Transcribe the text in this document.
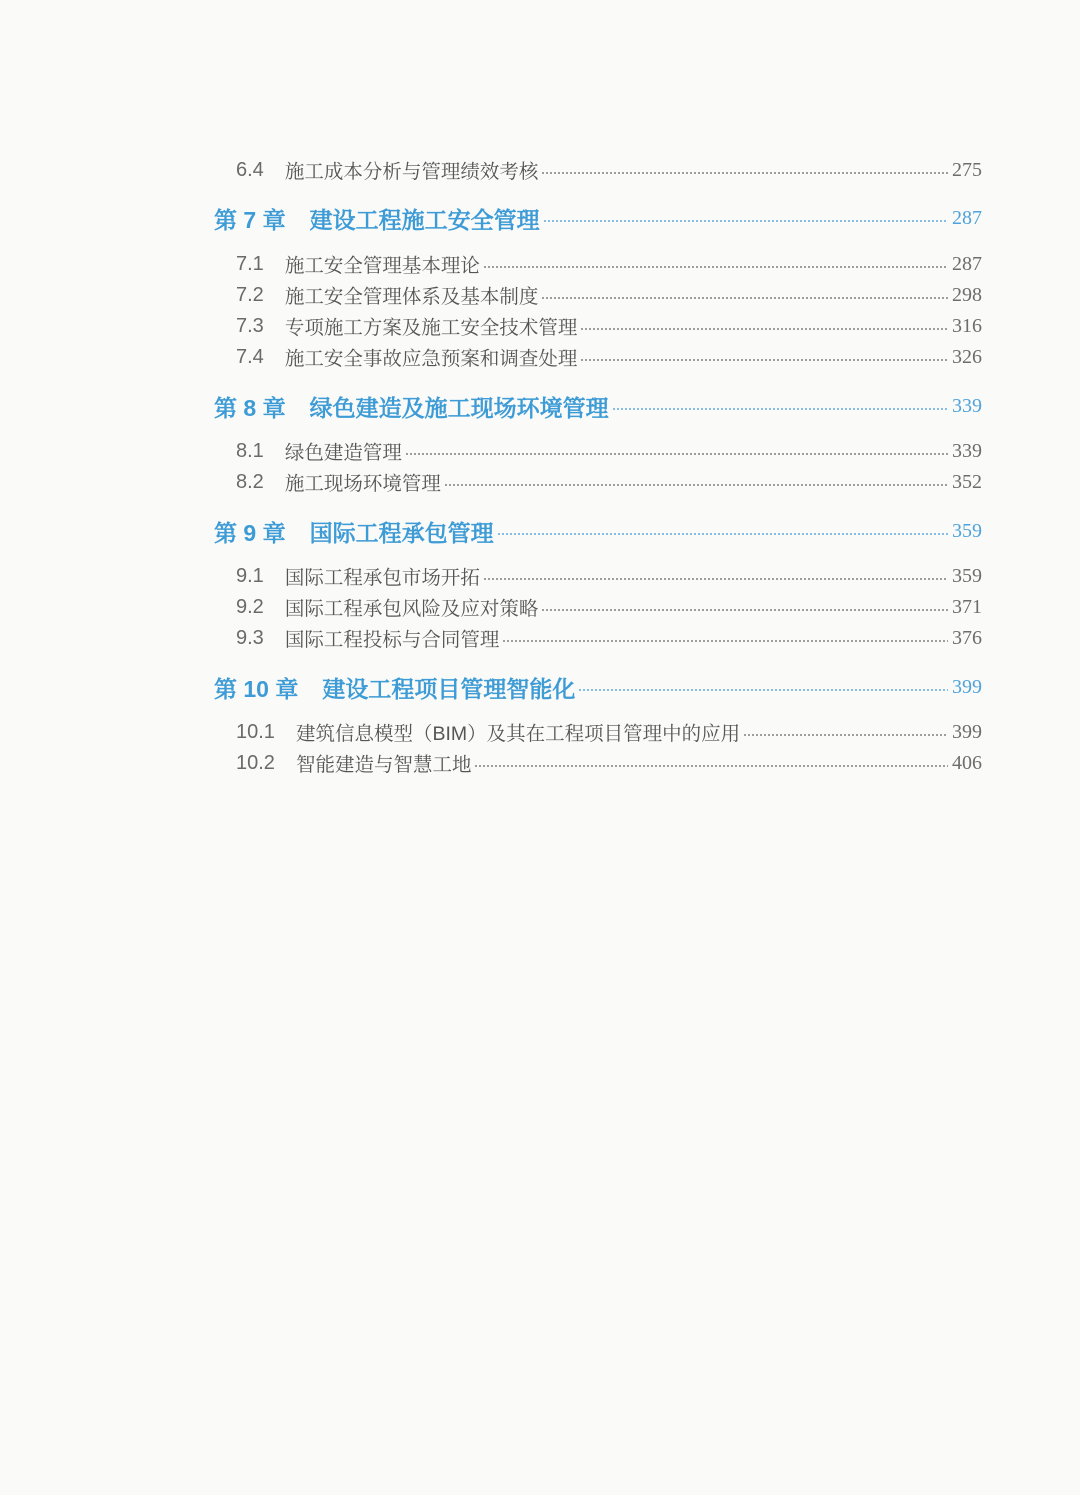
6.4 施工成本分析与管理绩效考核	275
第 7 章 建设工程施工安全管理	287
7.1 施工安全管理基本理论	287
7.2 施工安全管理体系及基本制度	298
7.3 专项施工方案及施工安全技术管理	316
7.4 施工安全事故应急预案和调查处理	326
第 8 章 绿色建造及施工现场环境管理	339
8.1 绿色建造管理	339
8.2 施工现场环境管理	352
第 9 章 国际工程承包管理	359
9.1 国际工程承包市场开拓	359
9.2 国际工程承包风险及应对策略	371
9.3 国际工程投标与合同管理	376
第 10 章 建设工程项目管理智能化	399
10.1 建筑信息模型（BIM）及其在工程项目管理中的应用	399
10.2 智能建造与智慧工地	406
